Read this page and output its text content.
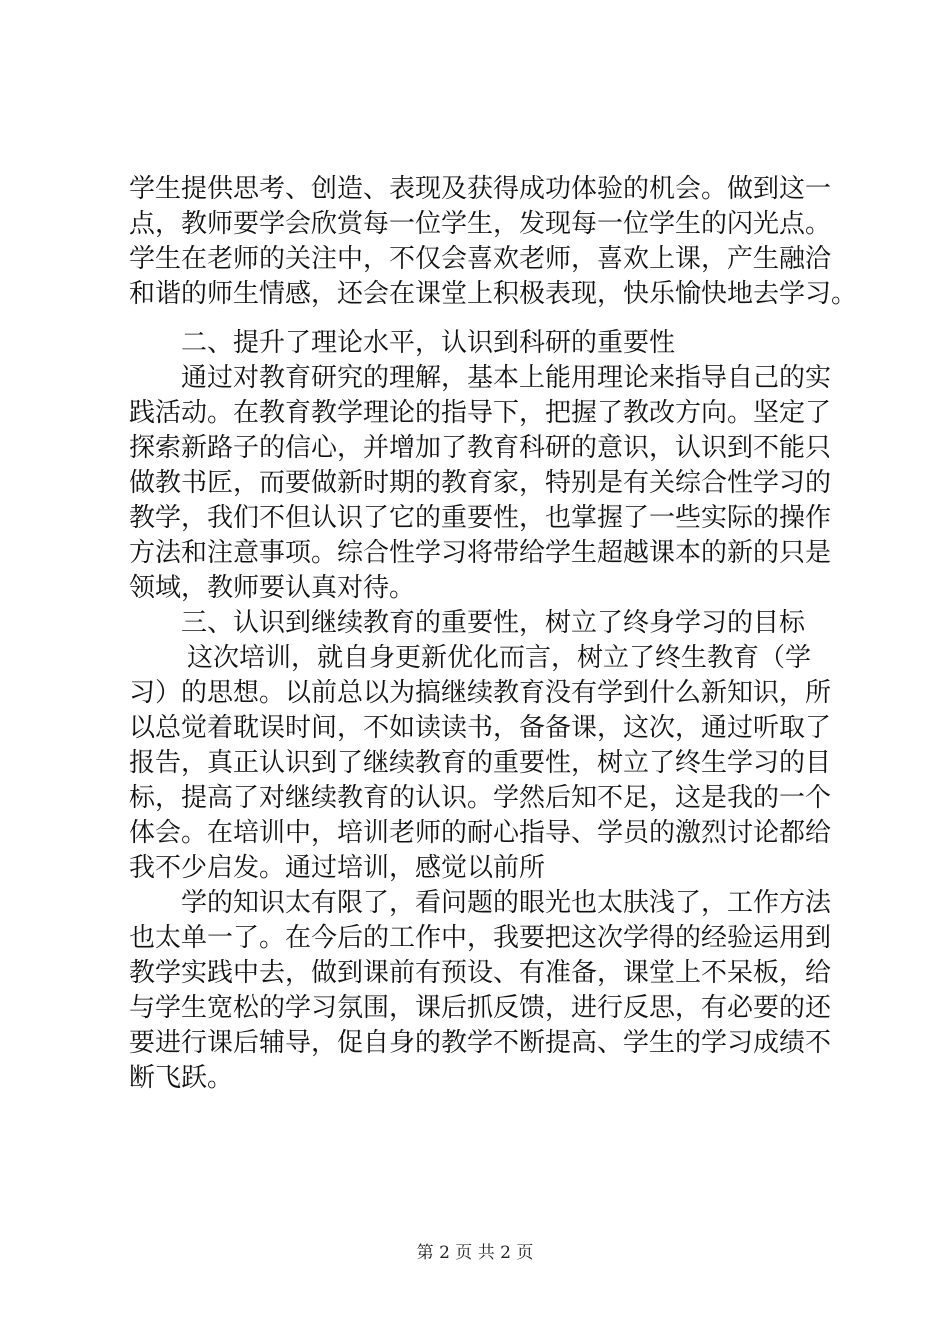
学生提供思考、创造、表现及获得成功体验的机会。做到这一
点，教师要学会欣赏每一位学生，发现每一位学生的闪光点。
学生在老师的关注中，不仅会喜欢老师，喜欢上课，产生融洽
和谐的师生情感，还会在课堂上积极表现，快乐愉快地去学习。
二、提升了理论水平，认识到科研的重要性
通过对教育研究的理解，基本上能用理论来指导自己的实
践活动。在教育教学理论的指导下，把握了教改方向。坚定了
探索新路子的信心，并增加了教育科研的意识，认识到不能只
做教书匠，而要做新时期的教育家，特别是有关综合性学习的
教学，我们不但认识了它的重要性，也掌握了一些实际的操作
方法和注意事项。综合性学习将带给学生超越课本的新的只是
领域，教师要认真对待。
三、认识到继续教育的重要性，树立了终身学习的目标
这次培训，就自身更新优化而言，树立了终生教育（学
习）的思想。以前总以为搞继续教育没有学到什么新知识，所
以总觉着耽误时间，不如读读书，备备课，这次，通过听取了
报告，真正认识到了继续教育的重要性，树立了终生学习的目
标，提高了对继续教育的认识。学然后知不足，这是我的一个
体会。在培训中，培训老师的耐心指导、学员的激烈讨论都给
我不少启发。通过培训，感觉以前所
学的知识太有限了，看问题的眼光也太肤浅了，工作方法
也太单一了。在今后的工作中，我要把这次学得的经验运用到
教学实践中去，做到课前有预设、有准备，课堂上不呆板，给
与学生宽松的学习氛围，课后抓反馈，进行反思，有必要的还
要进行课后辅导，促自身的教学不断提高、学生的学习成绩不
断飞跃。
第 2 页 共 2 页
